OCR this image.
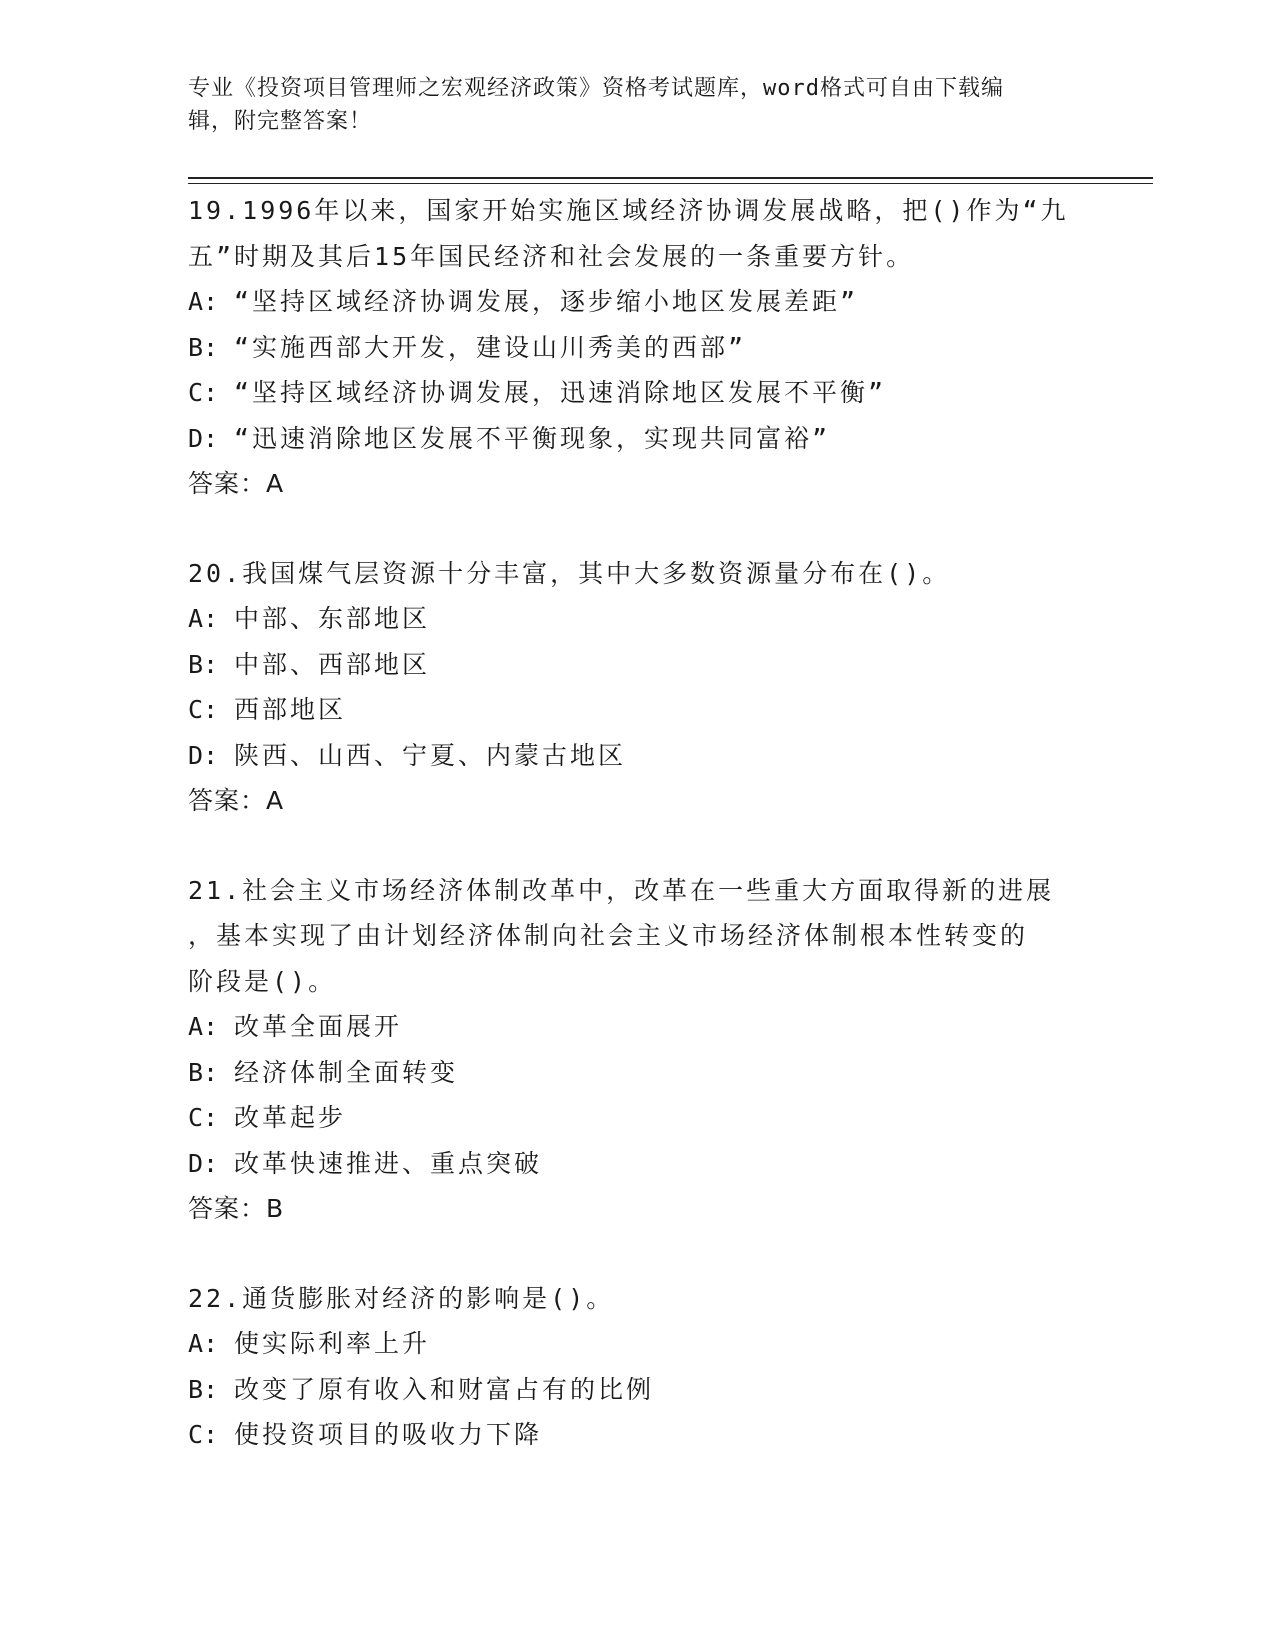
专业《投资项目管理师之宏观经济政策》资格考试题库，word格式可自由下载编
辑，附完整答案！
19.1996年以来，国家开始实施区域经济协调发展战略，把()作为“九
五”时期及其后15年国民经济和社会发展的一条重要方针。
A: “坚持区域经济协调发展，逐步缩小地区发展差距”
B: “实施西部大开发，建设山川秀美的西部”
C: “坚持区域经济协调发展，迅速消除地区发展不平衡”
D: “迅速消除地区发展不平衡现象，实现共同富裕”
答案：A
20.我国煤气层资源十分丰富，其中大多数资源量分布在()。
A: 中部、东部地区
B: 中部、西部地区
C: 西部地区
D: 陕西、山西、宁夏、内蒙古地区
答案：A
21.社会主义市场经济体制改革中，改革在一些重大方面取得新的进展
，基本实现了由计划经济体制向社会主义市场经济体制根本性转变的
阶段是()。
A: 改革全面展开
B: 经济体制全面转变
C: 改革起步
D: 改革快速推进、重点突破
答案：B
22.通货膨胀对经济的影响是()。
A: 使实际利率上升
B: 改变了原有收入和财富占有的比例
C: 使投资项目的吸收力下降
